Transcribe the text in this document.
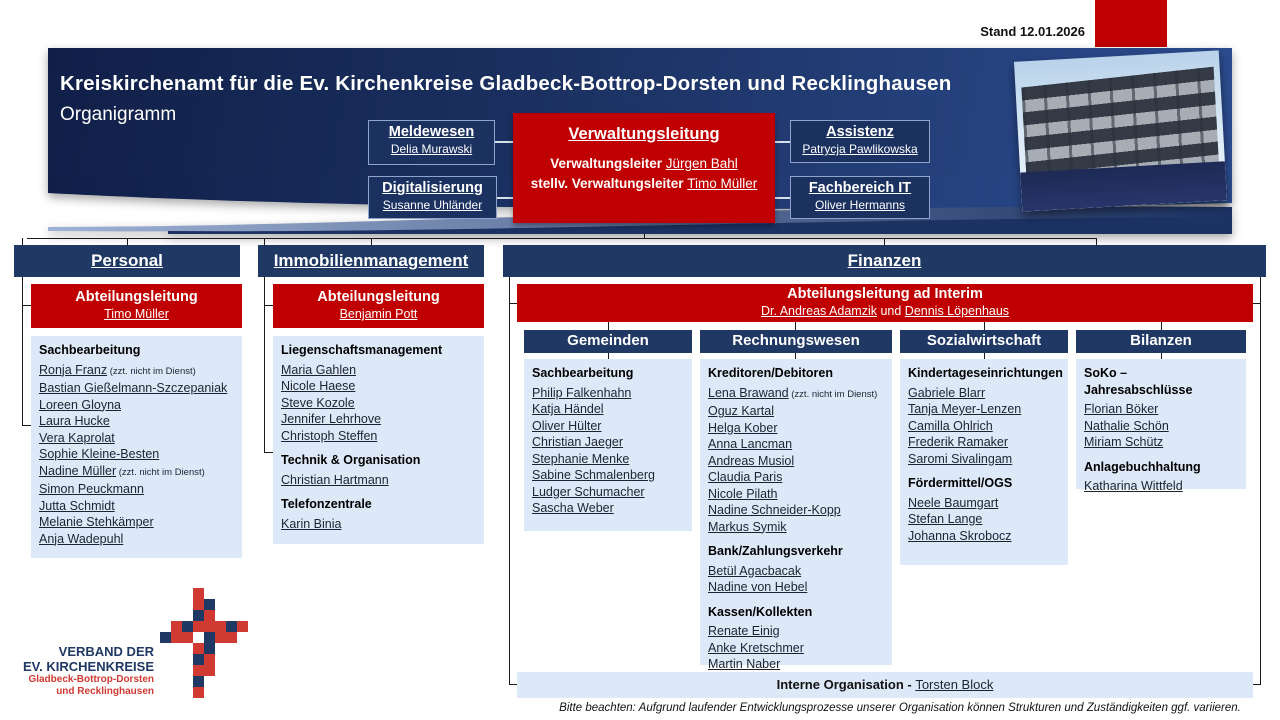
Stand 12.01.2026
Kreiskirchenamt für die Ev. Kirchenkreise Gladbeck-Bottrop-Dorsten und Recklinghausen
Organigramm
Meldewesen
Delia Murawski
Digitalisierung
Susanne Uhländer
Verwaltungsleitung
Verwaltungsleiter Jürgen Bahl
stellv. Verwaltungsleiter Timo Müller
Assistenz
Patrycja Pawlikowska
Fachbereich IT
Oliver Hermanns
Personal
Abteilungsleitung
Timo Müller
Sachbearbeitung
Ronja Franz (zzt. nicht im Dienst)
Bastian Gießelmann-Szczepaniak
Loreen Gloyna
Laura Hucke
Vera Kaprolat
Sophie Kleine-Besten
Nadine Müller (zzt. nicht im Dienst)
Simon Peuckmann
Jutta Schmidt
Melanie Stehkämper
Anja Wadepuhl
Immobilienmanagement
Abteilungsleitung
Benjamin Pott
Liegenschaftsmanagement
Maria Gahlen
Nicole Haese
Steve Kozole
Jennifer Lehrhove
Christoph Steffen
Technik & Organisation
Christian Hartmann
Telefonzentrale
Karin Binia
Finanzen
Abteilungsleitung ad Interim
Dr. Andreas Adamzik und Dennis Löpenhaus
Gemeinden
Sachbearbeitung
Philip Falkenhahn
Katja Händel
Oliver Hülter
Christian Jaeger
Stephanie Menke
Sabine Schmalenberg
Ludger Schumacher
Sascha Weber
Rechnungswesen
Kreditoren/Debitoren
Lena Brawand (zzt. nicht im Dienst)
Oguz Kartal
Helga Kober
Anna Lancman
Andreas Musiol
Claudia Paris
Nicole Pilath
Nadine Schneider-Kopp
Markus Symik
Bank/Zahlungsverkehr
Betül Agacbacak
Nadine von Hebel
Kassen/Kollekten
Renate Einig
Anke Kretschmer
Martin Naber
Sozialwirtschaft
Kindertageseinrichtungen
Gabriele Blarr
Tanja Meyer-Lenzen
Camilla Ohlrich
Frederik Ramaker
Saromi Sivalingam
Fördermittel/OGS
Neele Baumgart
Stefan Lange
Johanna Skrobocz
Bilanzen
SoKo – Jahresabschlüsse
Florian Böker
Nathalie Schön
Miriam Schütz
Anlagebuchhaltung
Katharina Wittfeld
Interne Organisation - Torsten Block
VERBAND DER
EV. KIRCHENKREISE
Gladbeck-Bottrop-Dorsten
und Recklinghausen
Bitte beachten: Aufgrund laufender Entwicklungsprozesse unserer Organisation können Strukturen und Zuständigkeiten ggf. variieren.
